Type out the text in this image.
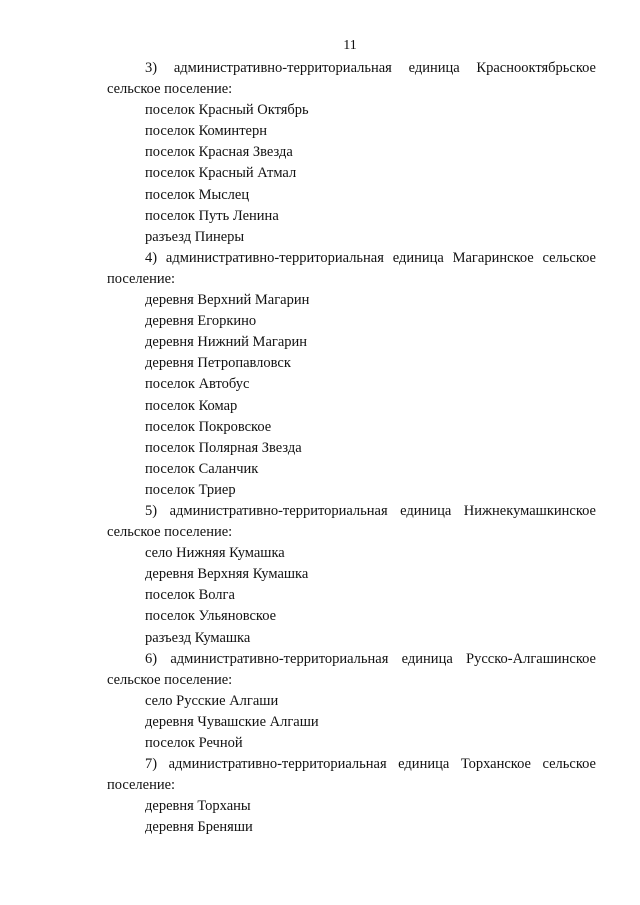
11

3) административно-территориальная единица Краснооктябрьское сельское поселение:

поселок Красный Октябрь

поселок Коминтерн

поселок Красная Звезда

поселок Красный Атмал

поселок Мыслец

поселок Путь Ленина

разъезд Пинеры

4) административно-территориальная единица Магаринское сельское поселение:

деревня Верхний Магарин

деревня Егоркино

деревня Нижний Магарин

деревня Петропавловск

поселок Автобус

поселок Комар

поселок Покровское

поселок Полярная Звезда

поселок Саланчик

поселок Триер

5) административно-территориальная единица Нижнекумашкинское сельское поселение:

село Нижняя Кумашка

деревня Верхняя Кумашка

поселок Волга

поселок Ульяновское

разъезд Кумашка

6) административно-территориальная единица Русско-Алгашинское сельское поселение:

село Русские Алгаши

деревня Чувашские Алгаши

поселок Речной

7) административно-территориальная единица Торханское сельское поселение:

деревня Торханы

деревня Бреняши
